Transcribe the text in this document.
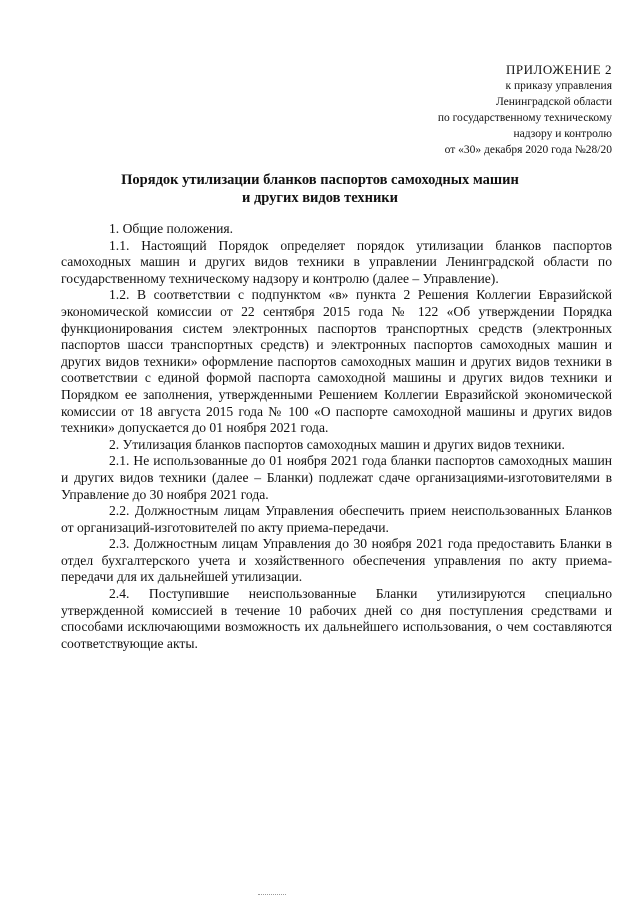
ПРИЛОЖЕНИЕ 2
к приказу управления
Ленинградской области
по государственному техническому
надзору и контролю
от «30» декабря 2020 года №28/20
Порядок утилизации бланков паспортов самоходных машин
и других видов техники

1. Общие положения.

1.1. Настоящий Порядок определяет порядок утилизации бланков паспортов самоходных машин и других видов техники в управлении Ленинградской области по государственному техническому надзору и контролю (далее – Управление).

1.2. В соответствии с подпунктом «в» пункта 2 Решения Коллегии Евразийской экономической комиссии от 22 сентября 2015 года № 122 «Об утверждении Порядка функционирования систем электронных паспортов транспортных средств (электронных паспортов шасси транспортных средств) и электронных паспортов самоходных машин и других видов техники» оформление паспортов самоходных машин и других видов техники в соответствии с единой формой паспорта самоходной машины и других видов техники и Порядком ее заполнения, утвержденными Решением Коллегии Евразийской экономической комиссии от 18 августа 2015 года № 100 «О паспорте самоходной машины и других видов техники» допускается до 01 ноября 2021 года.

2. Утилизация бланков паспортов самоходных машин и других видов техники.

2.1. Не использованные до 01 ноября 2021 года бланки паспортов самоходных машин и других видов техники (далее – Бланки) подлежат сдаче организациями-изготовителями в Управление до 30 ноября 2021 года.

2.2. Должностным лицам Управления обеспечить прием неиспользованных Бланков от организаций-изготовителей по акту приема-передачи.

2.3. Должностным лицам Управления до 30 ноября 2021 года предоставить Бланки в отдел бухгалтерского учета и хозяйственного обеспечения управления по акту приема-передачи для их дальнейшей утилизации.

2.4. Поступившие неиспользованные Бланки утилизируются специально утвержденной комиссией в течение 10 рабочих дней со дня поступления средствами и способами исключающими возможность их дальнейшего использования, о чем составляются соответствующие акты.
